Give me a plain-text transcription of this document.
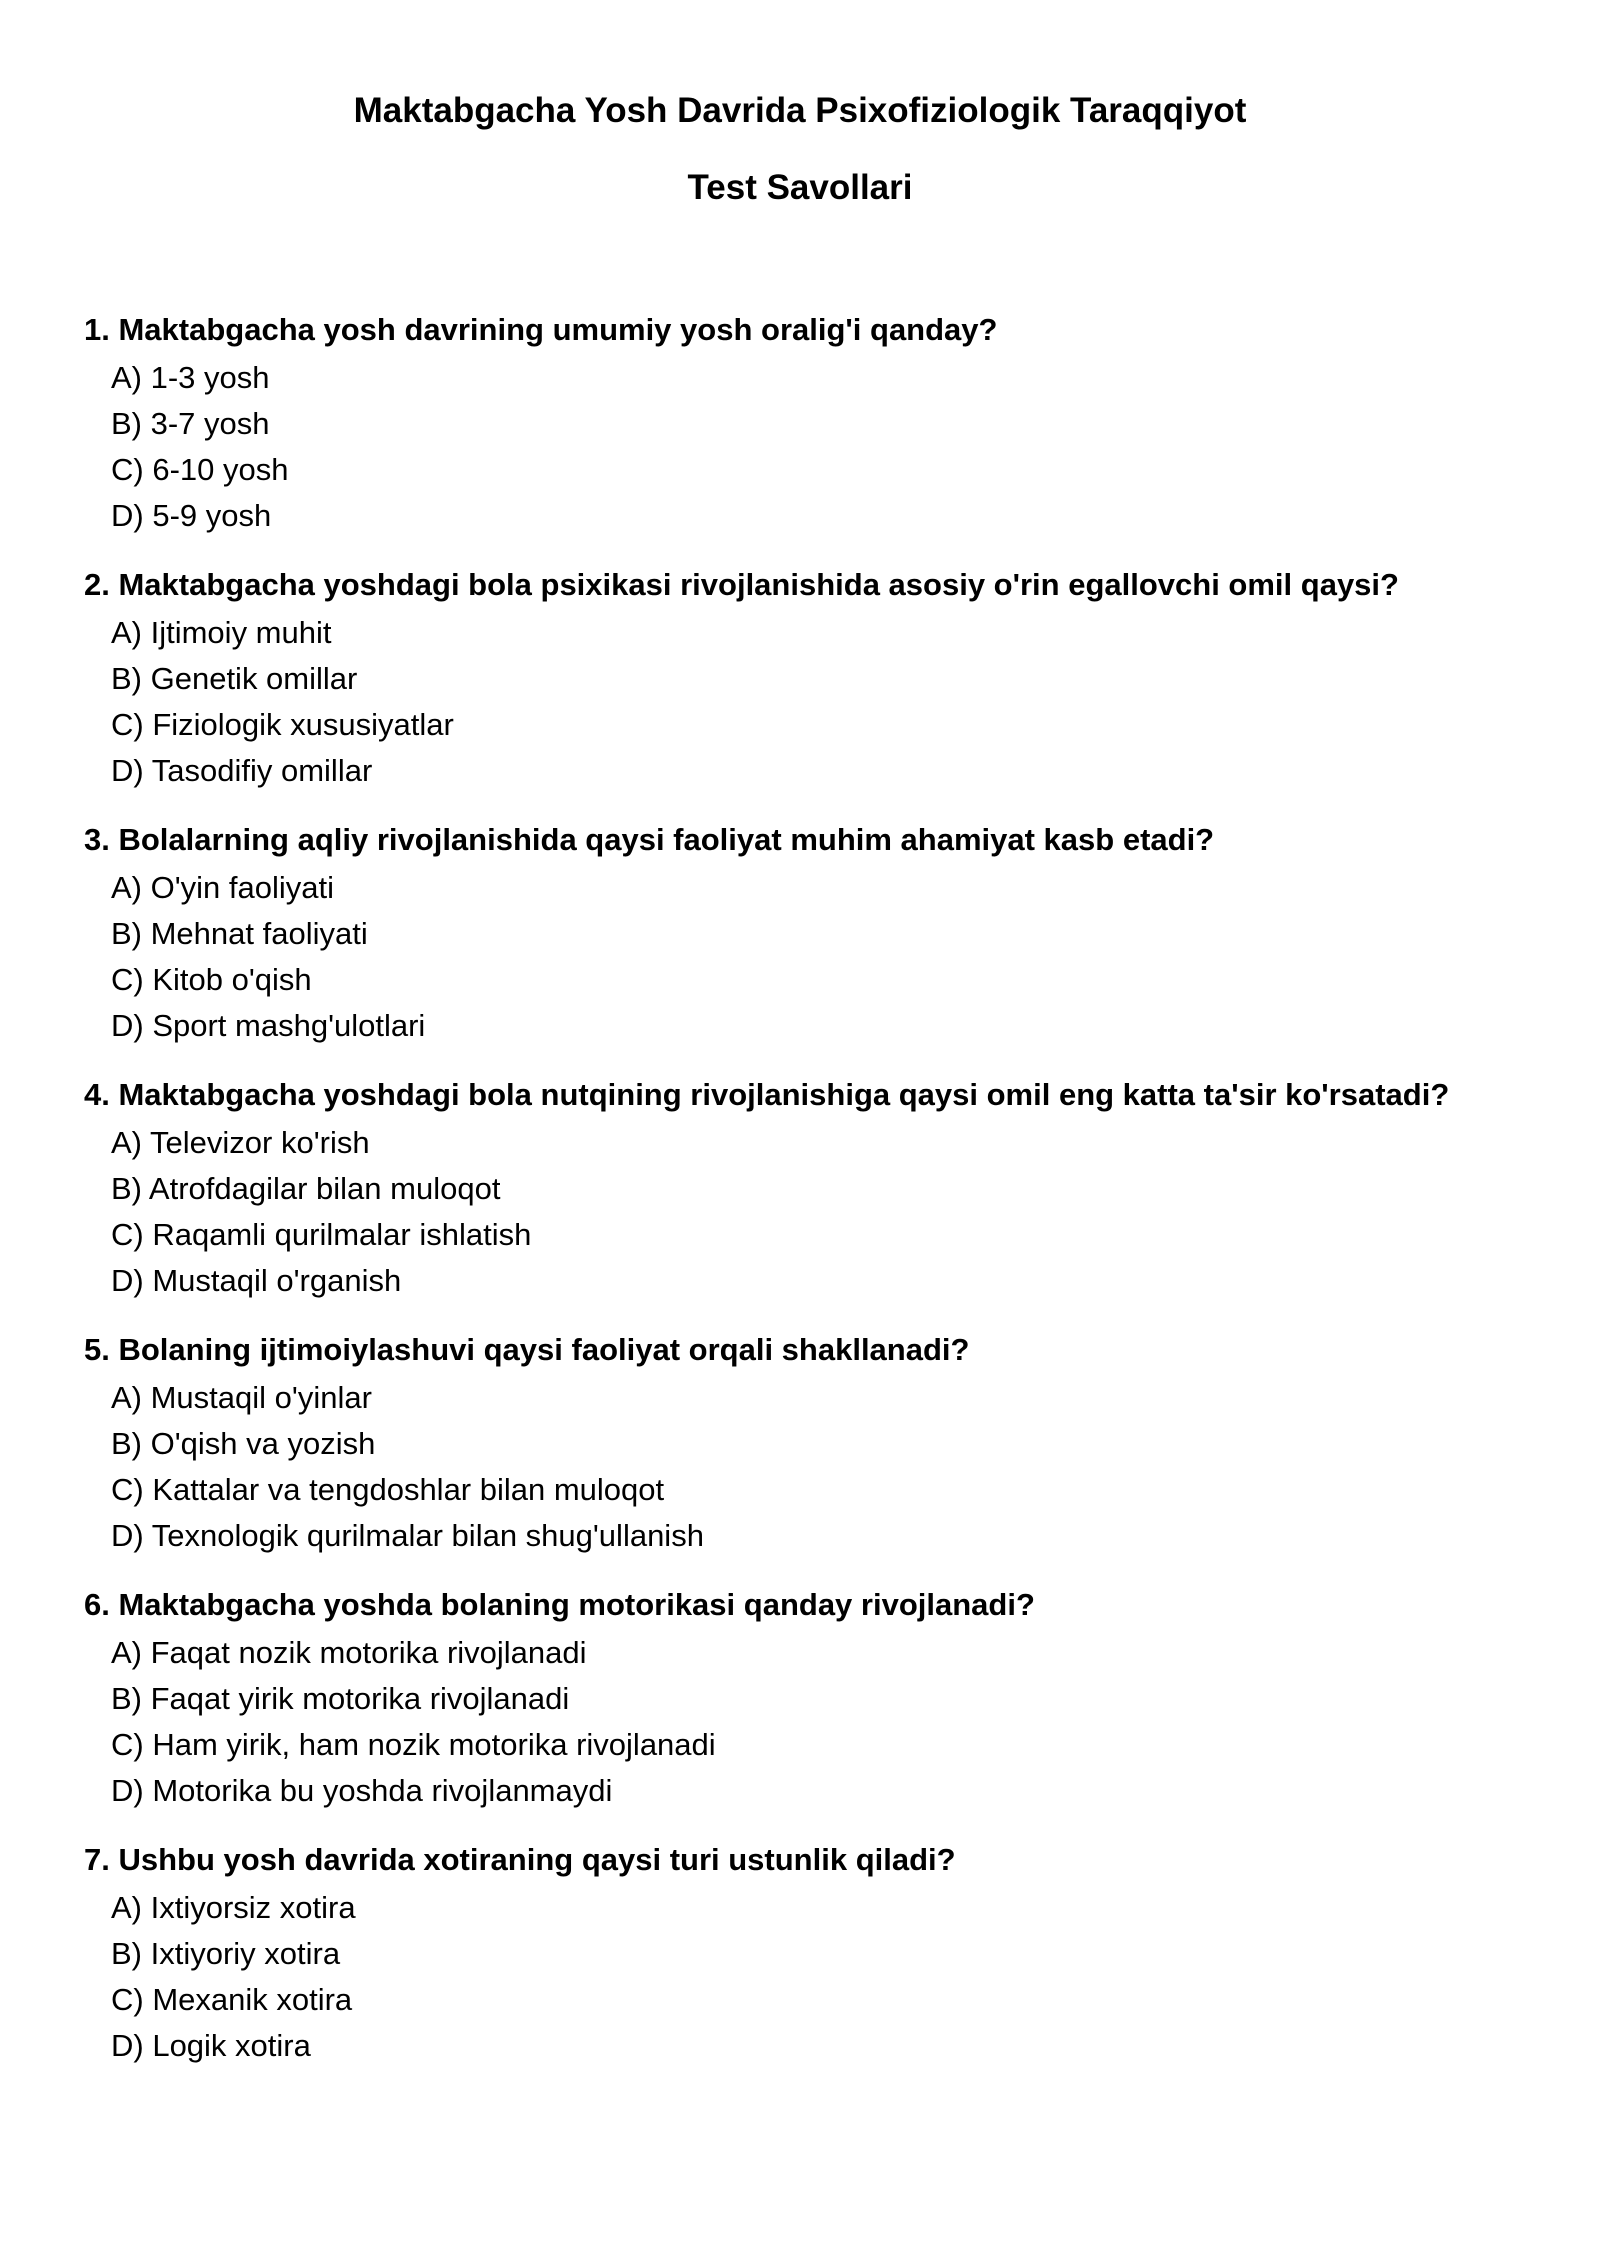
Maktabgacha Yosh Davrida Psixofiziologik Taraqqiyot
Test Savollari
1. Maktabgacha yosh davrining umumiy yosh oralig'i qanday?
A) 1-3 yosh
B) 3-7 yosh
C) 6-10 yosh
D) 5-9 yosh
2. Maktabgacha yoshdagi bola psixikasi rivojlanishida asosiy o'rin egallovchi omil qaysi?
A) Ijtimoiy muhit
B) Genetik omillar
C) Fiziologik xususiyatlar
D) Tasodifiy omillar
3. Bolalarning aqliy rivojlanishida qaysi faoliyat muhim ahamiyat kasb etadi?
A) O'yin faoliyati
B) Mehnat faoliyati
C) Kitob o'qish
D) Sport mashg'ulotlari
4. Maktabgacha yoshdagi bola nutqining rivojlanishiga qaysi omil eng katta ta'sir ko'rsatadi?
A) Televizor ko'rish
B) Atrofdagilar bilan muloqot
C) Raqamli qurilmalar ishlatish
D) Mustaqil o'rganish
5. Bolaning ijtimoiylashuvi qaysi faoliyat orqali shakllanadi?
A) Mustaqil o'yinlar
B) O'qish va yozish
C) Kattalar va tengdoshlar bilan muloqot
D) Texnologik qurilmalar bilan shug'ullanish
6. Maktabgacha yoshda bolaning motorikasi qanday rivojlanadi?
A) Faqat nozik motorika rivojlanadi
B) Faqat yirik motorika rivojlanadi
C) Ham yirik, ham nozik motorika rivojlanadi
D) Motorika bu yoshda rivojlanmaydi
7. Ushbu yosh davrida xotiraning qaysi turi ustunlik qiladi?
A) Ixtiyorsiz xotira
B) Ixtiyoriy xotira
C) Mexanik xotira
D) Logik xotira
